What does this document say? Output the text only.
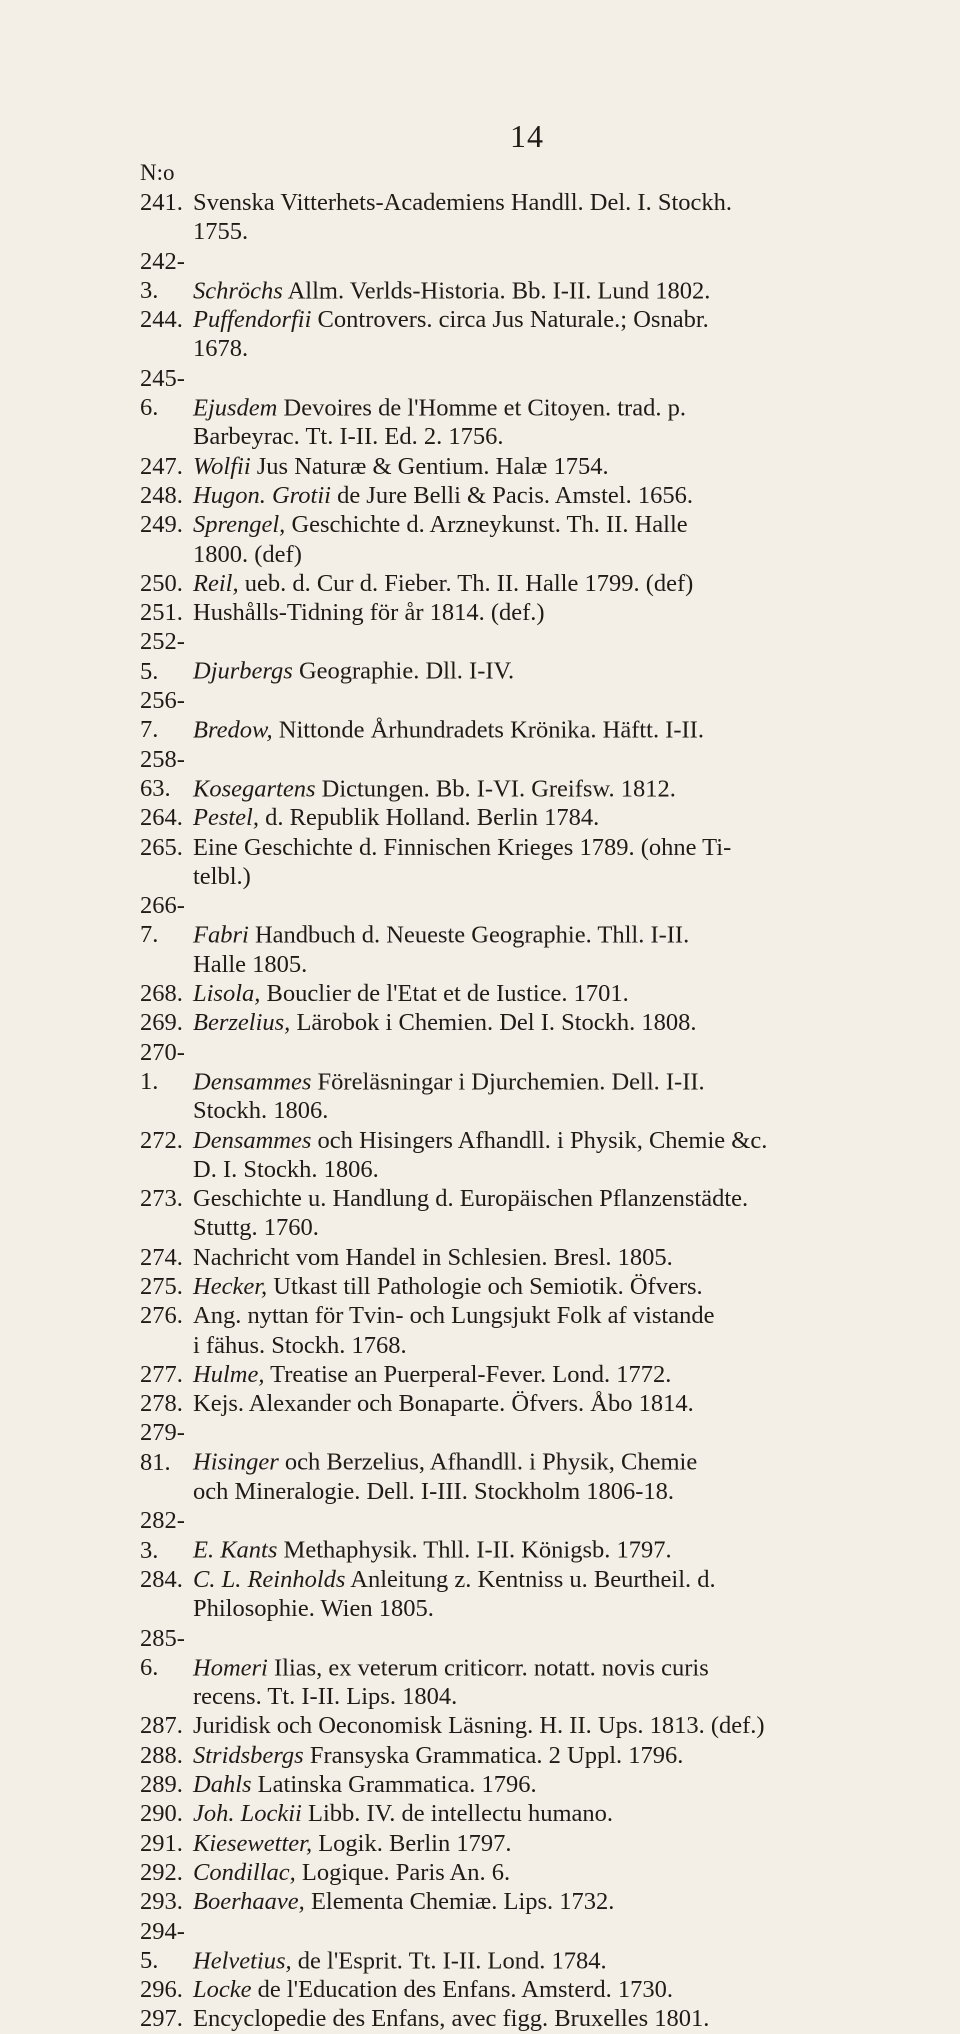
14
N:o
241. Svenska Vitterhets-Academiens Handll. Del. I. Stockh.
1755.
242-3. Schröchs Allm. Verlds-Historia. Bb. I-II. Lund 1802.
244. Puffendorfii Controvers. circa Jus Naturale.; Osnabr.
1678.
245-6. Ejusdem Devoires de l'Homme et Citoyen. trad. p.
Barbeyrac. Tt. I-II. Ed. 2. 1756.
247. Wolfii Jus Naturæ & Gentium. Halæ 1754.
248. Hugon. Grotii de Jure Belli & Pacis. Amstel. 1656.
249. Sprengel, Geschichte d. Arzneykunst. Th. II. Halle
1800. (def)
250. Reil, ueb. d. Cur d. Fieber. Th. II. Halle 1799. (def)
251. Hushålls-Tidning för år 1814. (def.)
252-5. Djurbergs Geographie. Dll. I-IV.
256-7. Bredow, Nittonde Århundradets Krönika. Häftt. I-II.
258-63. Kosegartens Dictungen. Bb. I-VI. Greifsw. 1812.
264. Pestel, d. Republik Holland. Berlin 1784.
265. Eine Geschichte d. Finnischen Krieges 1789. (ohne Ti-
telbl.)
266-7. Fabri Handbuch d. Neueste Geographie. Thll. I-II.
Halle 1805.
268. Lisola, Bouclier de l'Etat et de Iustice. 1701.
269. Berzelius, Lärobok i Chemien. Del I. Stockh. 1808.
270-1. Densammes Föreläsningar i Djurchemien. Dell. I-II.
Stockh. 1806.
272. Densammes och Hisingers Afhandll. i Physik, Chemie &c.
D. I. Stockh. 1806.
273. Geschichte u. Handlung d. Europäischen Pflanzenstädte.
Stuttg. 1760.
274. Nachricht vom Handel in Schlesien. Bresl. 1805.
275. Hecker, Utkast till Pathologie och Semiotik. Öfvers.
276. Ang. nyttan för Tvin- och Lungsjukt Folk af vistande
i fähus. Stockh. 1768.
277. Hulme, Treatise an Puerperal-Fever. Lond. 1772.
278. Kejs. Alexander och Bonaparte. Öfvers. Åbo 1814.
279-81. Hisinger och Berzelius, Afhandll. i Physik, Chemie
och Mineralogie. Dell. I-III. Stockholm 1806-18.
282-3. E. Kants Methaphysik. Thll. I-II. Königsb. 1797.
284. C. L. Reinholds Anleitung z. Kentniss u. Beurtheil. d.
Philosophie. Wien 1805.
285-6. Homeri Ilias, ex veterum criticorr. notatt. novis curis
recens. Tt. I-II. Lips. 1804.
287. Juridisk och Oeconomisk Läsning. H. II. Ups. 1813. (def.)
288. Stridsbergs Fransyska Grammatica. 2 Uppl. 1796.
289. Dahls Latinska Grammatica. 1796.
290. Joh. Lockii Libb. IV. de intellectu humano.
291. Kiesewetter, Logik. Berlin 1797.
292. Condillac, Logique. Paris An. 6.
293. Boerhaave, Elementa Chemiæ. Lips. 1732.
294-5. Helvetius, de l'Esprit. Tt. I-II. Lond. 1784.
296. Locke de l'Education des Enfans. Amsterd. 1730.
297. Encyclopedie des Enfans, avec figg. Bruxelles 1801.
